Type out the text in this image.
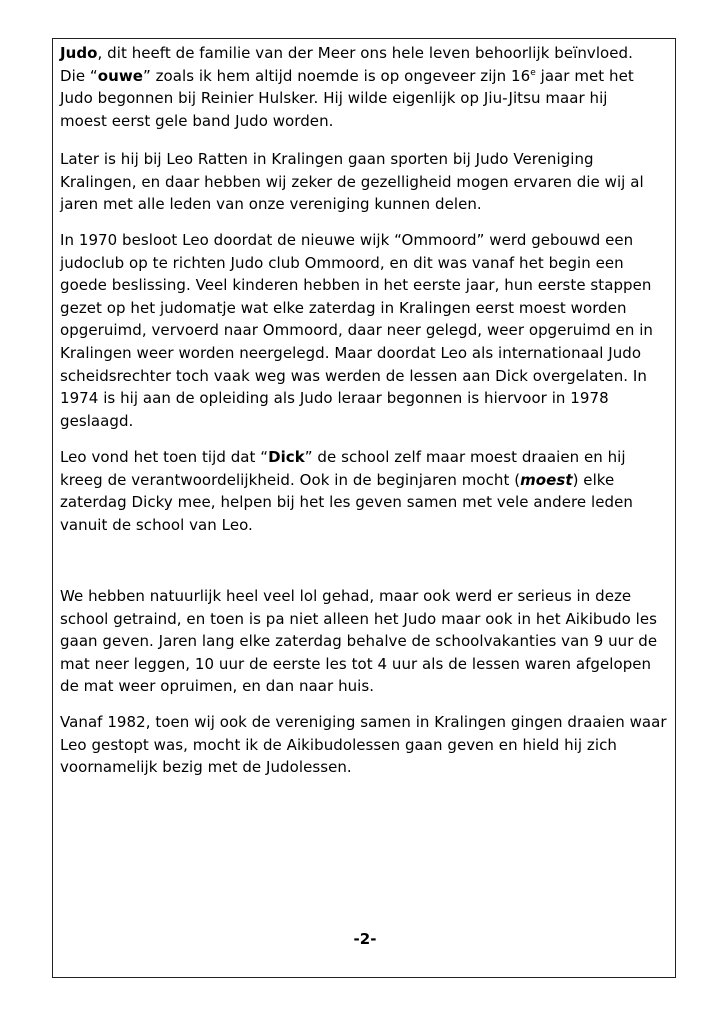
Judo, dit heeft de familie van der Meer ons hele leven behoorlijk beïnvloed.
Die “ouwe” zoals ik hem altijd noemde is op ongeveer zijn 16e jaar met het
Judo begonnen bij Reinier Hulsker. Hij wilde eigenlijk op Jiu-Jitsu maar hij
moest eerst gele band Judo worden.
Later is hij bij Leo Ratten in Kralingen gaan sporten bij Judo Vereniging
Kralingen, en daar hebben wij zeker de gezelligheid mogen ervaren die wij al
jaren met alle leden van onze vereniging kunnen delen.
In 1970 besloot Leo doordat de nieuwe wijk “Ommoord” werd gebouwd een
judoclub op te richten Judo club Ommoord, en dit was vanaf het begin een
goede beslissing. Veel kinderen hebben in het eerste jaar, hun eerste stappen
gezet op het judomatje wat elke zaterdag in Kralingen eerst moest worden
opgeruimd, vervoerd naar Ommoord, daar neer gelegd, weer opgeruimd en in
Kralingen weer worden neergelegd. Maar doordat Leo als internationaal Judo
scheidsrechter toch vaak weg was werden de lessen aan Dick overgelaten. In
1974 is hij aan de opleiding als Judo leraar begonnen is hiervoor in 1978
geslaagd.
Leo vond het toen tijd dat “Dick” de school zelf maar moest draaien en hij
kreeg de verantwoordelijkheid. Ook in de beginjaren mocht (moest) elke
zaterdag Dicky mee, helpen bij het les geven samen met vele andere leden
vanuit de school van Leo.
We hebben natuurlijk heel veel lol gehad, maar ook werd er serieus in deze
school getraind, en toen is pa niet alleen het Judo maar ook in het Aikibudo les
gaan geven. Jaren lang elke zaterdag behalve de schoolvakanties van 9 uur de
mat neer leggen, 10 uur de eerste les tot 4 uur als de lessen waren afgelopen
de mat weer opruimen, en dan naar huis.
Vanaf 1982, toen wij ook de vereniging samen in Kralingen gingen draaien waar
Leo gestopt was, mocht ik de Aikibudolessen gaan geven en hield hij zich
voornamelijk bezig met de Judolessen.
-2-
